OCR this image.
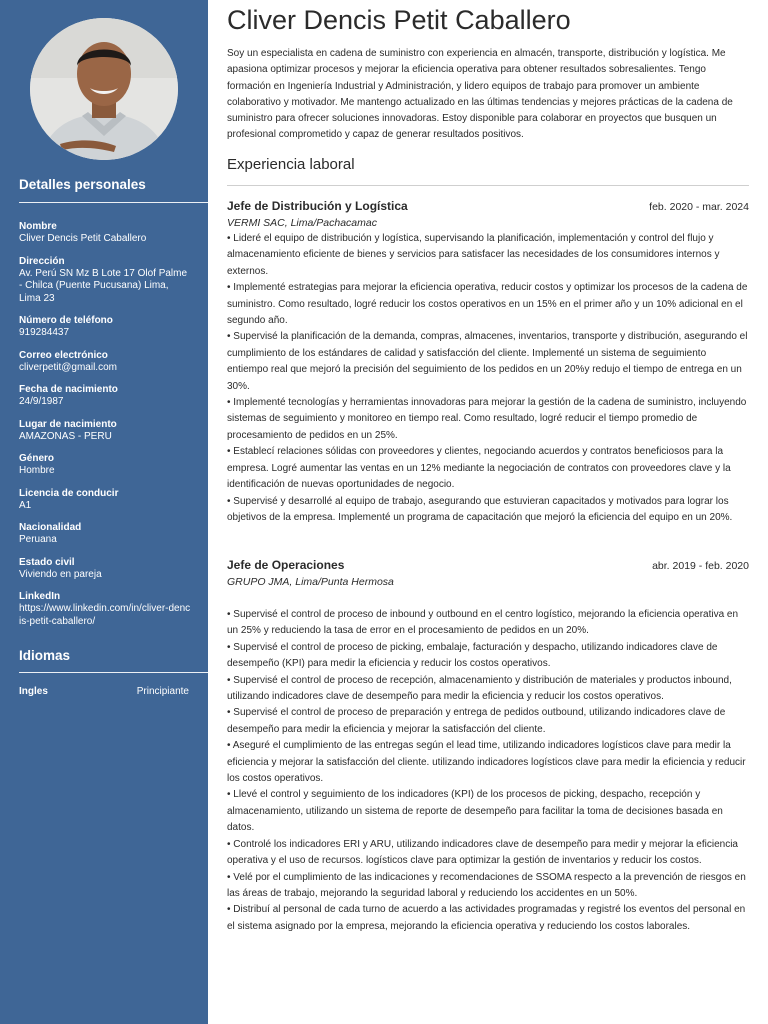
Detalles personales
Nombre
Cliver Dencis Petit Caballero
Dirección
Av. Perú SN Mz B Lote 17 Olof Palme - Chilca (Puente Pucusana) Lima, Lima 23
Número de teléfono
919284437
Correo electrónico
cliverpetit@gmail.com
Fecha de nacimiento
24/9/1987
Lugar de nacimiento
AMAZONAS - PERU
Género
Hombre
Licencia de conducir
A1
Nacionalidad
Peruana
Estado civil
Viviendo en pareja
LinkedIn
https://www.linkedin.com/in/cliver-dencis-petit-caballero/
Idiomas
Ingles	Principiante
Cliver Dencis Petit Caballero

Soy un especialista en cadena de suministro con experiencia en almacén, transporte, distribución y logística. Me apasiona optimizar procesos y mejorar la eficiencia operativa para obtener resultados sobresalientes. Tengo formación en Ingeniería Industrial y Administración, y lidero equipos de trabajo para promover un ambiente colaborativo y motivador. Me mantengo actualizado en las últimas tendencias y mejores prácticas de la cadena de suministro para ofrecer soluciones innovadoras. Estoy disponible para colaborar en proyectos que busquen un profesional comprometido y capaz de generar resultados positivos.

Experiencia laboral
Jefe de Distribución y Logística	feb. 2020 - mar. 2024
VERMI SAC, Lima/Pachacamac
• Lideré el equipo de distribución y logística, supervisando la planificación, implementación y control del flujo y almacenamiento eficiente de bienes y servicios para satisfacer las necesidades de los consumidores internos y externos.
• Implementé estrategias para mejorar la eficiencia operativa, reducir costos y optimizar los procesos de la cadena de suministro. Como resultado, logré reducir los costos operativos en un 15% en el primer año y un 10% adicional en el segundo año.
• Supervisé la planificación de la demanda, compras, almacenes, inventarios, transporte y distribución, asegurando el cumplimiento de los estándares de calidad y satisfacción del cliente. Implementé un sistema de seguimiento entiempo real que mejoró la precisión del seguimiento de los pedidos en un 20%y redujo el tiempo de entrega en un 30%.
• Implementé tecnologías y herramientas innovadoras para mejorar la gestión de la cadena de suministro, incluyendo sistemas de seguimiento y monitoreo en tiempo real. Como resultado, logré reducir el tiempo promedio de procesamiento de pedidos en un 25%.
• Establecí relaciones sólidas con proveedores y clientes, negociando acuerdos y contratos beneficiosos para la empresa. Logré aumentar las ventas en un 12% mediante la negociación de contratos con proveedores clave y la identificación de nuevas oportunidades de negocio.
• Supervisé y desarrollé al equipo de trabajo, asegurando que estuvieran capacitados y motivados para lograr los objetivos de la empresa. Implementé un programa de capacitación que mejoró la eficiencia del equipo en un 20%.
Jefe de Operaciones	abr. 2019 - feb. 2020
GRUPO JMA, Lima/Punta Hermosa
• Supervisé el control de proceso de inbound y outbound en el centro logístico, mejorando la eficiencia operativa en un 25% y reduciendo la tasa de error en el procesamiento de pedidos en un 20%.
• Supervisé el control de proceso de picking, embalaje, facturación y despacho, utilizando indicadores clave de desempeño (KPI) para medir la eficiencia y reducir los costos operativos.
• Supervisé el control de proceso de recepción, almacenamiento y distribución de materiales y productos inbound, utilizando indicadores clave de desempeño para medir la eficiencia y reducir los costos operativos.
• Supervisé el control de proceso de preparación y entrega de pedidos outbound, utilizando indicadores clave de desempeño para medir la eficiencia y mejorar la satisfacción del cliente.
• Aseguré el cumplimiento de las entregas según el lead time, utilizando indicadores logísticos clave para medir la eficiencia y mejorar la satisfacción del cliente. utilizando indicadores logísticos clave para medir la eficiencia y reducir los costos operativos.
• Llevé el control y seguimiento de los indicadores (KPI) de los procesos de picking, despacho, recepción y almacenamiento, utilizando un sistema de reporte de desempeño para facilitar la toma de decisiones basada en datos.
• Controlé los indicadores ERI y ARU, utilizando indicadores clave de desempeño para medir y mejorar la eficiencia operativa y el uso de recursos. logísticos clave para optimizar la gestión de inventarios y reducir los costos.
• Velé por el cumplimiento de las indicaciones y recomendaciones de SSOMA respecto a la prevención de riesgos en las áreas de trabajo, mejorando la seguridad laboral y reduciendo los accidentes en un 50%.
• Distribuí al personal de cada turno de acuerdo a las actividades programadas y registré los eventos del personal en el sistema asignado por la empresa, mejorando la eficiencia operativa y reduciendo los costos laborales.
